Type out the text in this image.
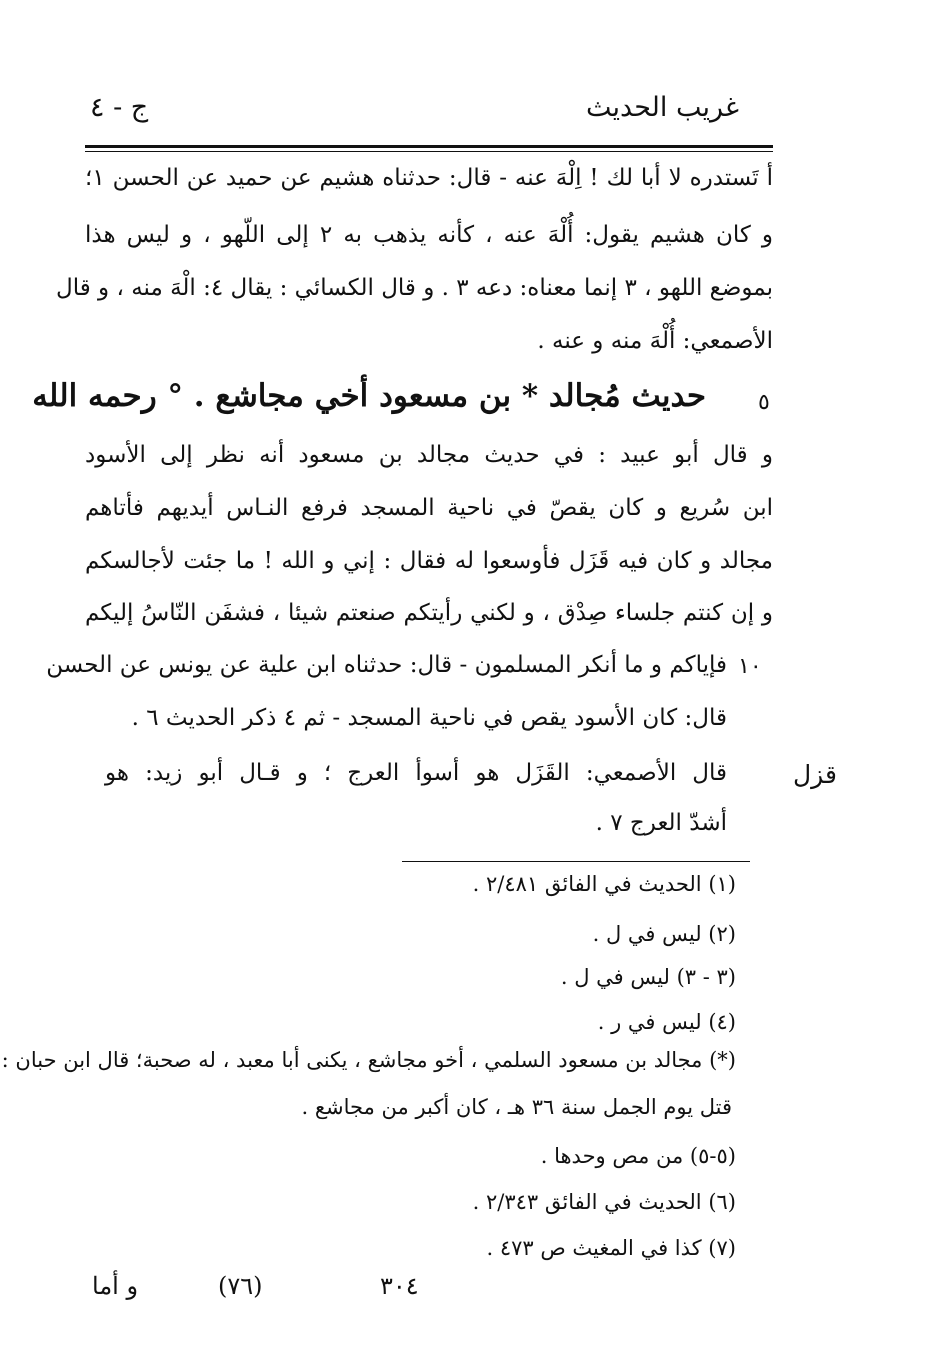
غريب الحديث
ج - ٤
أ تَستدره لا أبا لك ! اِلْهَ عنه - قال: حدثناه هشيم عن حميد عن الحسن ١؛
و كان هشيم يقول: أُلْهَ عنه ، كأنه يذهب به ٢ إلى اللّهو ، و ليس هذا
بموضع اللهو ، ٣ إنما معناه: دعه ٣ . و قال الكسائي : يقال ٤: الْهَ منه ، و قال
الأصمعي: أُلْهَ منه و عنه .
٥
حديث مُجالد * بن مسعود أخي مجاشع . ° رحمه الله
و قال أبو عبيد : في حديث مجالد بن مسعود أنه نظر إلى الأسود
ابن سُريع و كان يقصّ في ناحية المسجد فرفع النـاس أيديهم فأتاهم
مجالد و كان فيه قَزَل فأوسعوا له فقال : إني و الله ! ما جئت لأجالسكم
و إن كنتم جلساء صِدْق ، و لكني رأيتكم صنعتم شيئا ، فشفَن النّاسُ إليكم
١٠
فإياكم و ما أنكر المسلمون - قال: حدثناه ابن علية عن يونس عن الحسن
قال: كان الأسود يقص في ناحية المسجد - ثم ٤ ذكر الحديث ٦ .
قزل
قال الأصمعي: القَزَل هو أسوأ العرج ؛ و قـال أبو زيد: هو
أشدّ العرج ٧ .
(١) الحديث في الفائق ٢/٤٨١ .
(٢) ليس في ل .
(٣ - ٣) ليس في ل .
(٤) ليس في ر .
(*) مجالد بن مسعود السلمي ، أخو مجاشع ، يكنى أبا معبد ، له صحبة؛ قال ابن حبان :
قتل يوم الجمل سنة ٣٦ هـ ، كان أكبر من مجاشع .
(٥-٥) من مص وحدها .
(٦) الحديث في الفائق ٢/٣٤٣ .
(٧) كذا في المغيث ص ٤٧٣ .
و أما	(٧٦)	٣٠٤
